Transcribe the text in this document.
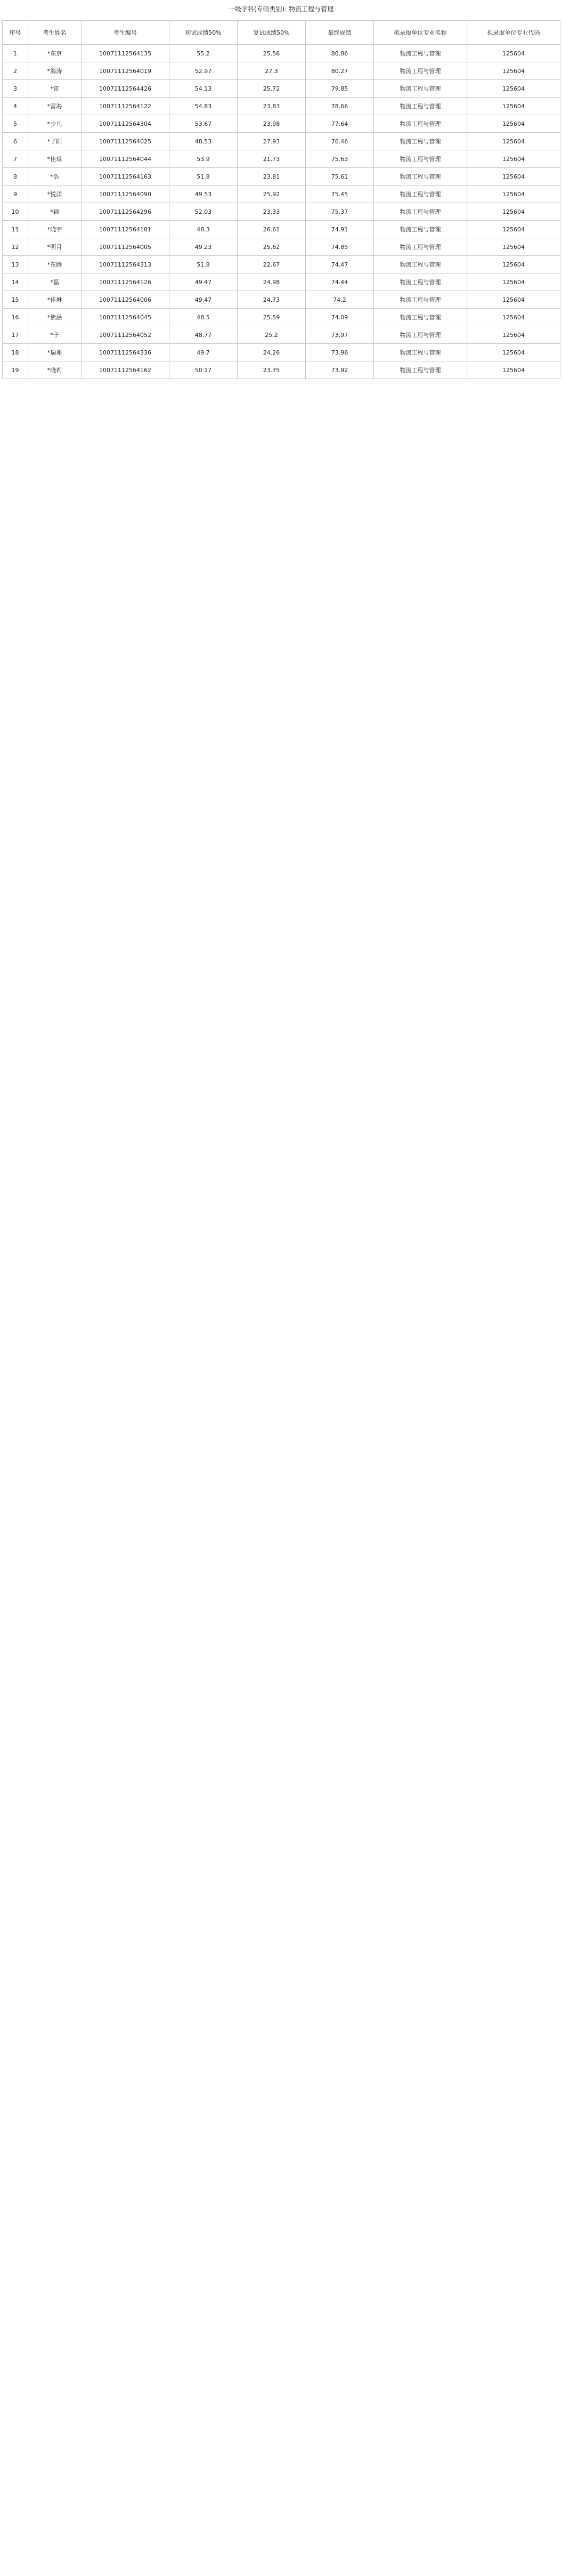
一级学科(专硕类别): 物流工程与管理
序号	考生姓名	考生编号	初试成绩50%	复试成绩50%	最终成绩	拟录取单位专业名称	拟录取单位专业代码
1	*东京	10071112564135	55.2	25.56	80.86	物流工程与管理	125604
2	*海涛	10071112564019	52.97	27.3	80.27	物流工程与管理	125604
3	*雷	10071112564426	54.13	25.72	79.85	物流工程与管理	125604
4	*雷海	10071112564122	54.83	23.83	78.66	物流工程与管理	125604
5	*少凡	10071112564304	53.67	23.98	77.64	物流工程与管理	125604
6	*子阳	10071112564025	48.53	27.93	76.46	物流工程与管理	125604
7	*佳琪	10071112564044	53.9	21.73	75.63	物流工程与管理	125604
8	*浩	10071112564163	51.8	23.81	75.61	物流工程与管理	125604
9	*悦洋	10071112564090	49.53	25.92	75.45	物流工程与管理	125604
10	*颖	10071112564296	52.03	23.33	75.37	物流工程与管理	125604
11	*晓宇	10071112564101	48.3	26.61	74.91	物流工程与管理	125604
12	*明月	10071112564005	49.23	25.62	74.85	物流工程与管理	125604
13	*东腾	10071112564313	51.8	22.67	74.47	物流工程与管理	125604
14	*磊	10071112564126	49.47	24.98	74.44	物流工程与管理	125604
15	*佳琳	10071112564006	49.47	24.73	74.2	物流工程与管理	125604
16	*紫涵	10071112564045	48.5	25.59	74.09	物流工程与管理	125604
17	*子	10071112564052	48.77	25.2	73.97	物流工程与管理	125604
18	*瑞珊	10071112564336	49.7	24.26	73.96	物流工程与管理	125604
19	*晓莉	10071112564162	50.17	23.75	73.92	物流工程与管理	125604
